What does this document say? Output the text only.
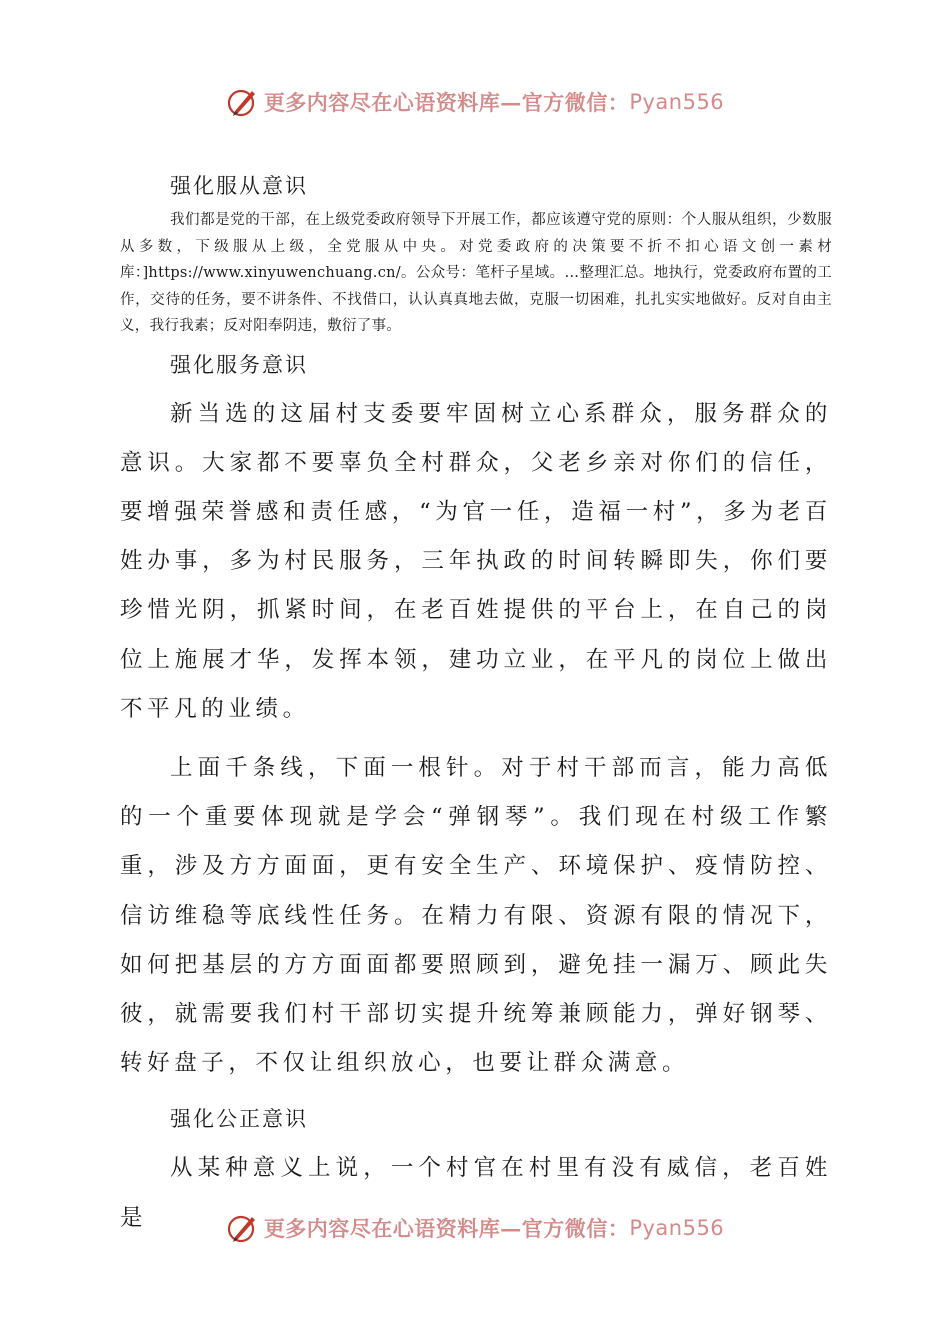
更多内容尽在心语资料库—官方微信： Pyan556
强化服从意识

我们都是党的干部，在上级党委政府领导下开展工作，都应该遵守党的原则：个人服从组织，少数服从多数，下级服从上级，全党服从中央。对党委政府的决策要不折不扣心语文创一素材库：]https://www.xinyuwenchuang.cn/。公众号：笔杆子星域。…整理汇总。地执行，党委政府布置的工作，交待的任务，要不讲条件、不找借口，认认真真地去做，克服一切困难，扎扎实实地做好。反对自由主义，我行我素；反对阳奉阴违，敷衍了事。

强化服务意识

新当选的这届村支委要牢固树立心系群众，服务群众的意识。大家都不要辜负全村群众，父老乡亲对你们的信任，要增强荣誉感和责任感，“为官一任，造福一村”，多为老百姓办事，多为村民服务，三年执政的时间转瞬即失，你们要珍惜光阴，抓紧时间，在老百姓提供的平台上，在自己的岗位上施展才华，发挥本领，建功立业，在平凡的岗位上做出不平凡的业绩。

上面千条线，下面一根针。对于村干部而言，能力高低的一个重要体现就是学会“弹钢琴”。我们现在村级工作繁重，涉及方方面面，更有安全生产、环境保护、疫情防控、信访维稳等底线性任务。在精力有限、资源有限的情况下，如何把基层的方方面面都要照顾到，避免挂一漏万、顾此失彼，就需要我们村干部切实提升统筹兼顾能力，弹好钢琴、转好盘子，不仅让组织放心，也要让群众满意。

强化公正意识

从某种意义上说，一个村官在村里有没有威信，老百姓是	更多内容尽在心语资料库—官方微信： Pyan556
